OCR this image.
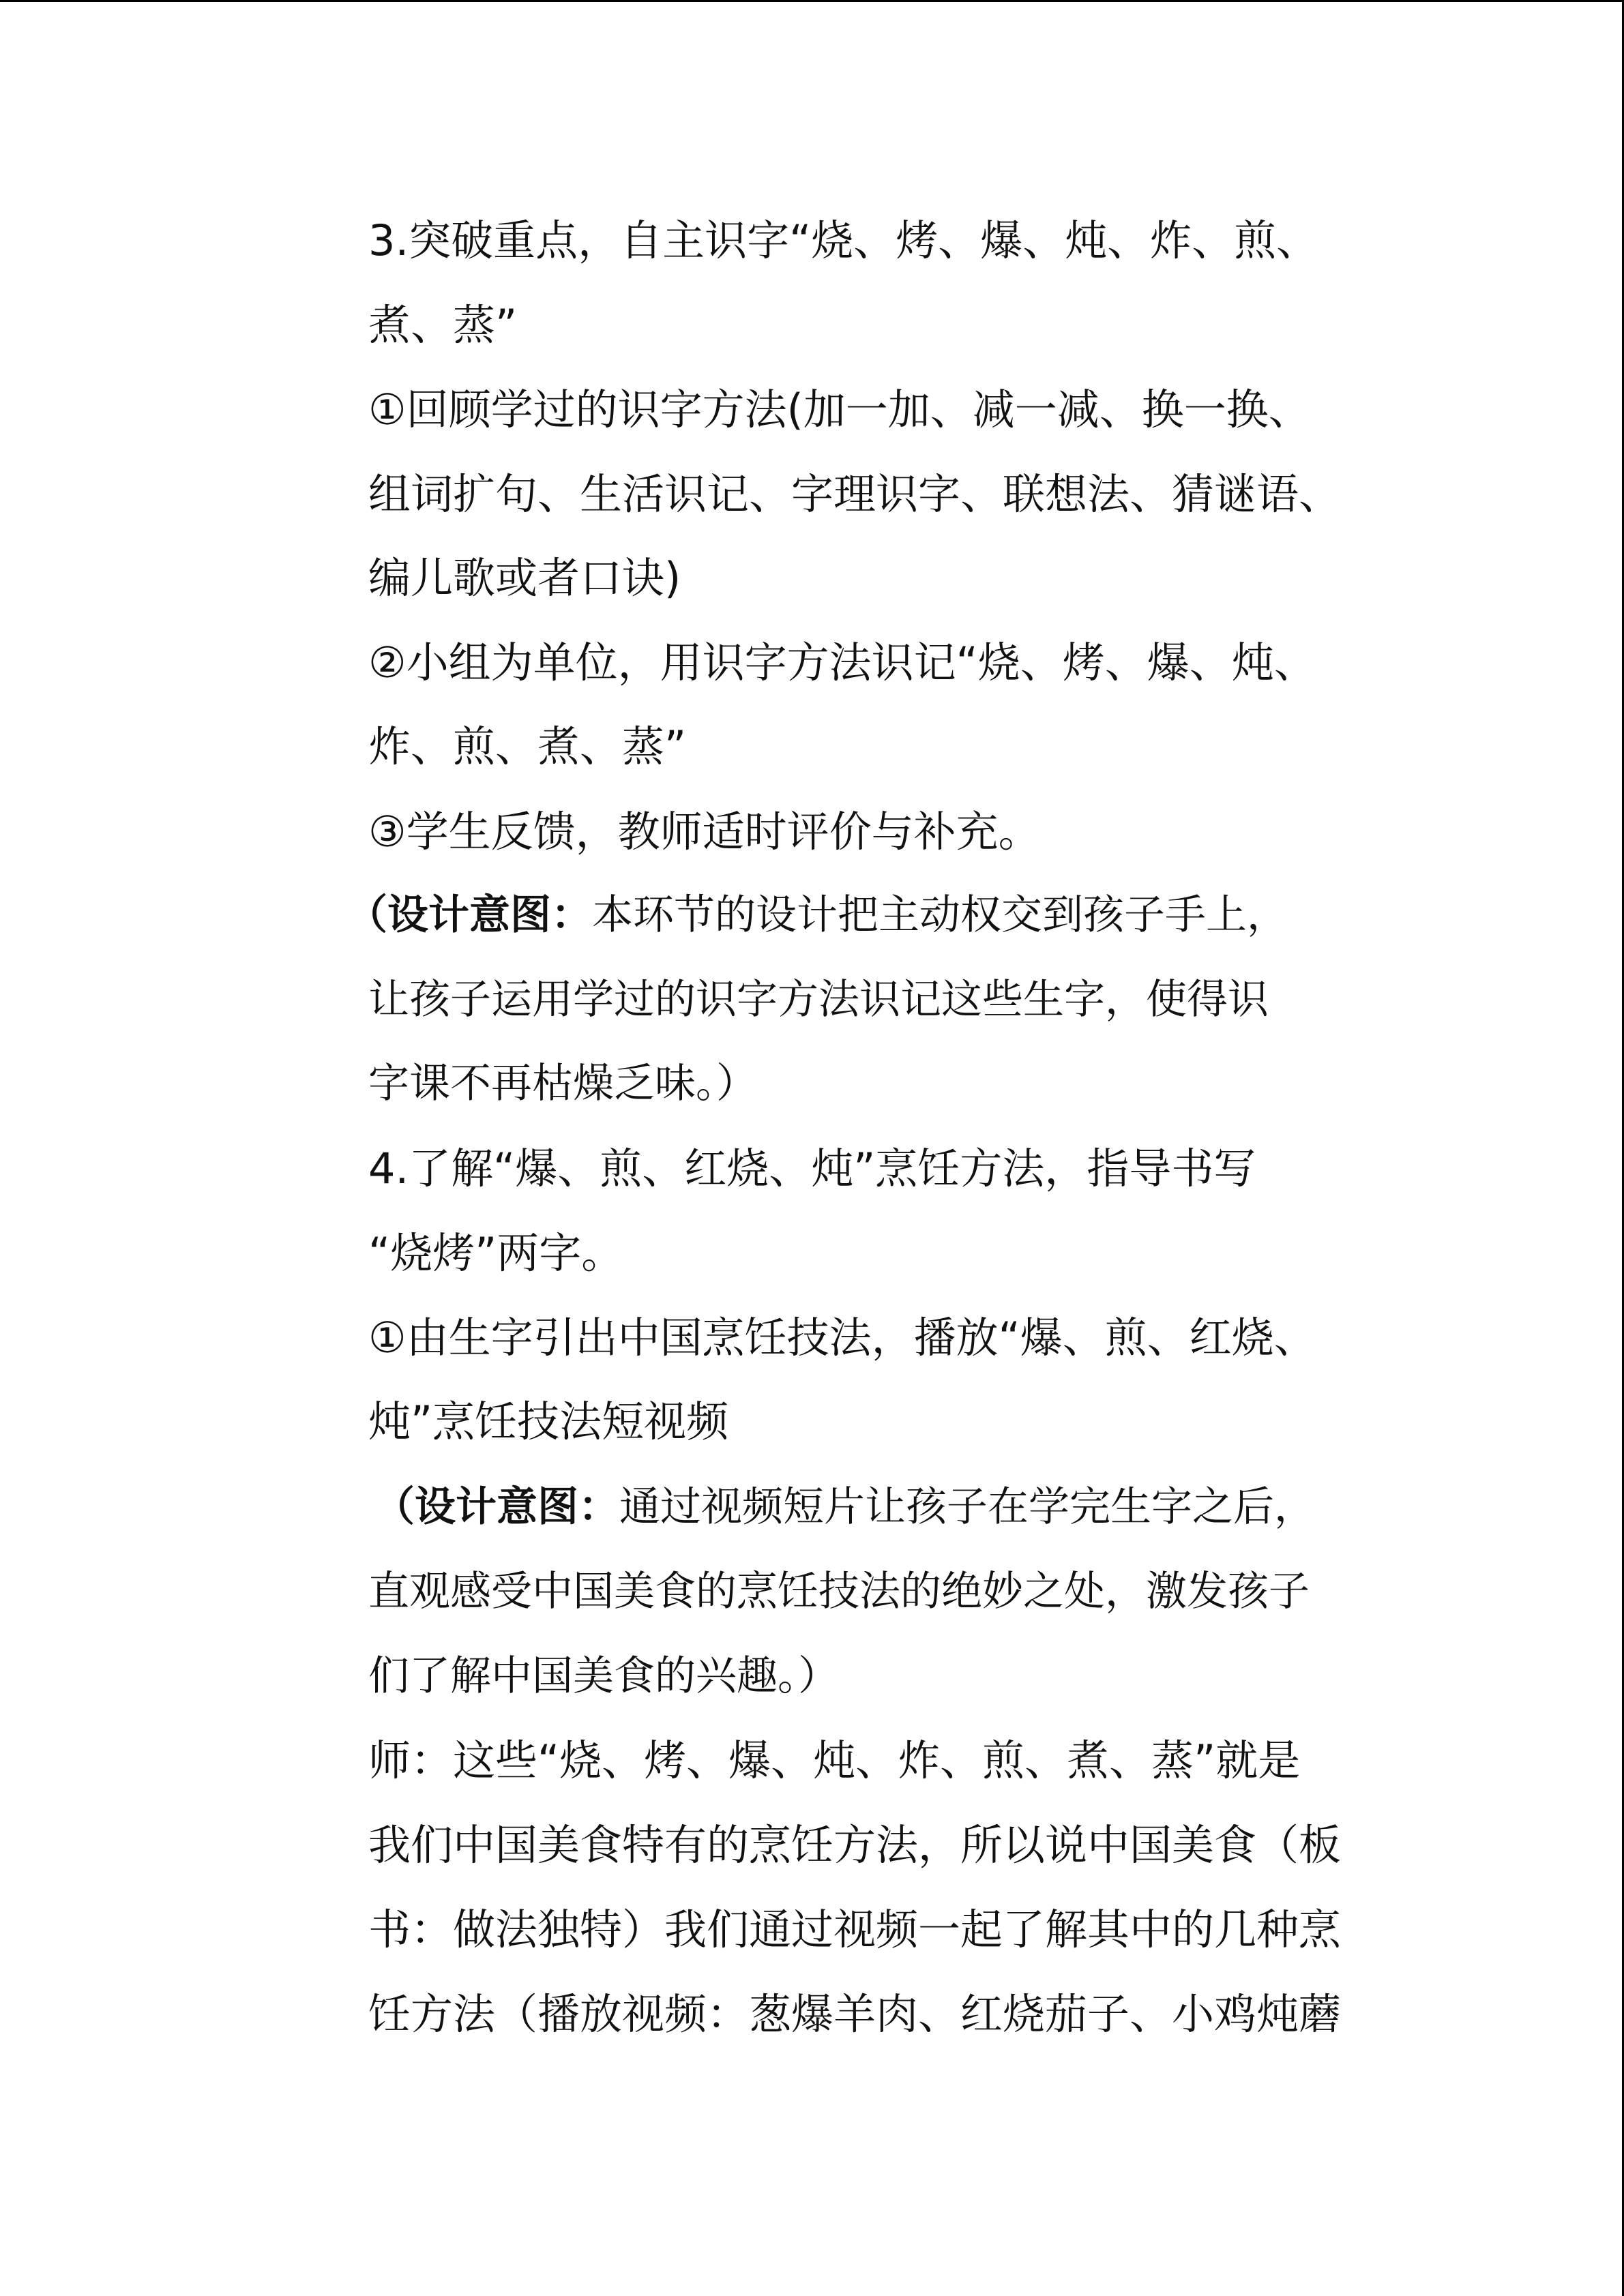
3.突破重点，自主识字“烧、烤、爆、炖、炸、煎、
煮、蒸”
①回顾学过的识字方法(加一加、减一减、换一换、
组词扩句、生活识记、字理识字、联想法、猜谜语、
编儿歌或者口诀)
②小组为单位，用识字方法识记“烧、烤、爆、炖、
炸、煎、煮、蒸”
③学生反馈，教师适时评价与补充。
（设计意图：本环节的设计把主动权交到孩子手上，
让孩子运用学过的识字方法识记这些生字，使得识
字课不再枯燥乏味。）
4.了解“爆、煎、红烧、炖”烹饪方法，指导书写
“烧烤”两字。
①由生字引出中国烹饪技法，播放“爆、煎、红烧、
炖”烹饪技法短视频
（设计意图：通过视频短片让孩子在学完生字之后，
直观感受中国美食的烹饪技法的绝妙之处，激发孩子
们了解中国美食的兴趣。）
师：这些“烧、烤、爆、炖、炸、煎、煮、蒸”就是
我们中国美食特有的烹饪方法，所以说中国美食（板
书：做法独特）我们通过视频一起了解其中的几种烹
饪方法（播放视频：葱爆羊肉、红烧茄子、小鸡炖蘑
